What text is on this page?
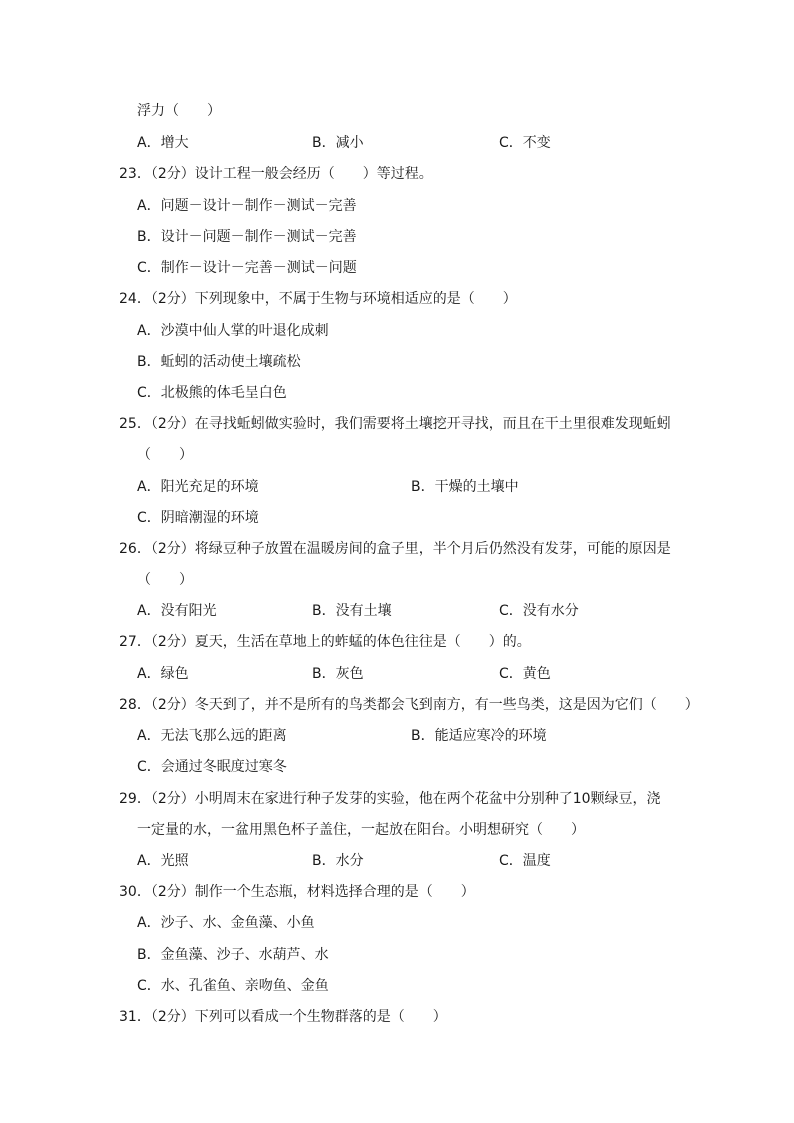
浮力（　　）
A．增大	B．减小	C．不变
23．（2分）设计工程一般会经历（　　）等过程。
A．问题－设计－制作－测试－完善
B．设计－问题－制作－测试－完善
C．制作－设计－完善－测试－问题
24．（2分）下列现象中，不属于生物与环境相适应的是（　　）
A．沙漠中仙人掌的叶退化成刺
B．蚯蚓的活动使土壤疏松
C．北极熊的体毛呈白色
25．（2分）在寻找蚯蚓做实验时，我们需要将土壤挖开寻找，而且在干土里很难发现蚯蚓
（　　）
A．阳光充足的环境	B．干燥的土壤中
C．阴暗潮湿的环境
26．（2分）将绿豆种子放置在温暖房间的盒子里，半个月后仍然没有发芽，可能的原因是
（　　）
A．没有阳光	B．没有土壤	C．没有水分
27．（2分）夏天，生活在草地上的蚱蜢的体色往往是（　　）的。
A．绿色	B．灰色	C．黄色
28．（2分）冬天到了，并不是所有的鸟类都会飞到南方，有一些鸟类，这是因为它们（　　）
A．无法飞那么远的距离	B．能适应寒冷的环境
C．会通过冬眠度过寒冬
29．（2分）小明周末在家进行种子发芽的实验，他在两个花盆中分别种了10颗绿豆，浇
一定量的水，一盆用黑色杯子盖住，一起放在阳台。小明想研究（　　）
A．光照	B．水分	C．温度
30．（2分）制作一个生态瓶，材料选择合理的是（　　）
A．沙子、水、金鱼藻、小鱼
B．金鱼藻、沙子、水葫芦、水
C．水、孔雀鱼、亲吻鱼、金鱼
31．（2分）下列可以看成一个生物群落的是（　　）
